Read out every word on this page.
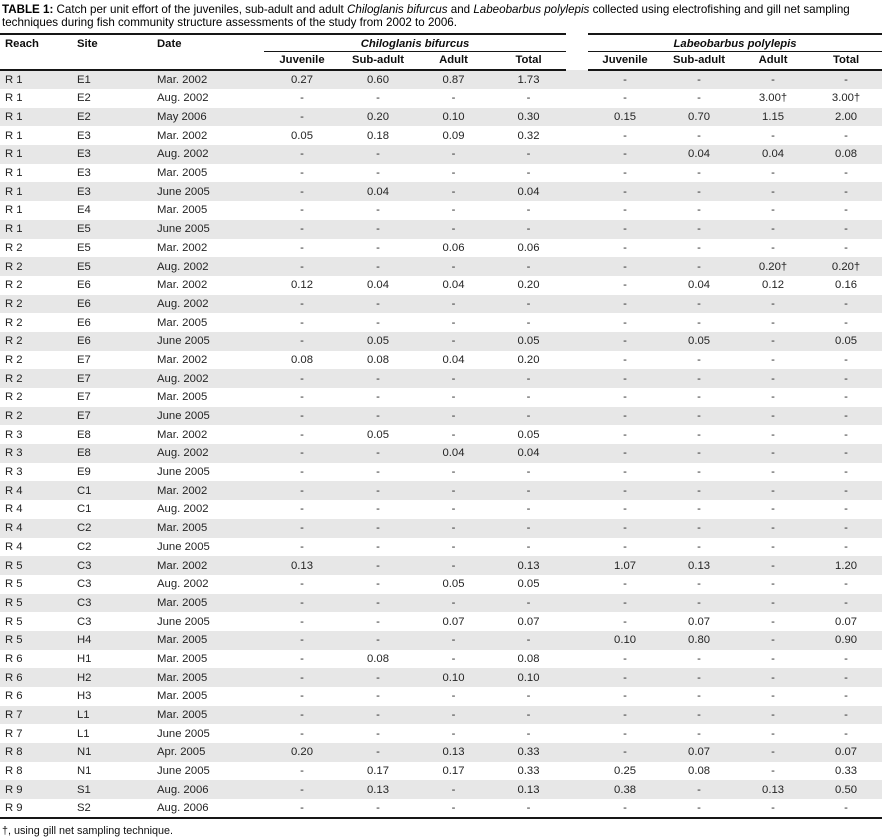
TABLE 1: Catch per unit effort of the juveniles, sub-adult and adult Chiloglanis bifurcus and Labeobarbus polylepis collected using electrofishing and gill net sampling techniques during fish community structure assessments of the study from 2002 to 2006.
Reach	Site	Date	Chiloglanis bifurcus					Labeobarbus polylepis			
			Juvenile	Sub-adult	Adult	Total		Juvenile	Sub-adult	Adult	Total
R 1	E1	Mar. 2002	0.27	0.60	0.87	1.73		-	-	-	-
R 1	E2	Aug. 2002	-	-	-	-		-	-	3.00†	3.00†
R 1	E2	May 2006	-	0.20	0.10	0.30		0.15	0.70	1.15	2.00
R 1	E3	Mar. 2002	0.05	0.18	0.09	0.32		-	-	-	-
R 1	E3	Aug. 2002	-	-	-	-		-	0.04	0.04	0.08
R 1	E3	Mar. 2005	-	-	-	-		-	-	-	-
R 1	E3	June 2005	-	0.04	-	0.04		-	-	-	-
R 1	E4	Mar. 2005	-	-	-	-		-	-	-	-
R 1	E5	June 2005	-	-	-	-		-	-	-	-
R 2	E5	Mar. 2002	-	-	0.06	0.06		-	-	-	-
R 2	E5	Aug. 2002	-	-	-	-		-	-	0.20†	0.20†
R 2	E6	Mar. 2002	0.12	0.04	0.04	0.20		-	0.04	0.12	0.16
R 2	E6	Aug. 2002	-	-	-	-		-	-	-	-
R 2	E6	Mar. 2005	-	-	-	-		-	-	-	-
R 2	E6	June 2005	-	0.05	-	0.05		-	0.05	-	0.05
R 2	E7	Mar. 2002	0.08	0.08	0.04	0.20		-	-	-	-
R 2	E7	Aug. 2002	-	-	-	-		-	-	-	-
R 2	E7	Mar. 2005	-	-	-	-		-	-	-	-
R 2	E7	June 2005	-	-	-	-		-	-	-	-
R 3	E8	Mar. 2002	-	0.05	-	0.05		-	-	-	-
R 3	E8	Aug. 2002	-	-	0.04	0.04		-	-	-	-
R 3	E9	June 2005	-	-	-	-		-	-	-	-
R 4	C1	Mar. 2002	-	-	-	-		-	-	-	-
R 4	C1	Aug. 2002	-	-	-	-		-	-	-	-
R 4	C2	Mar. 2005	-	-	-	-		-	-	-	-
R 4	C2	June 2005	-	-	-	-		-	-	-	-
R 5	C3	Mar. 2002	0.13	-	-	0.13		1.07	0.13	-	1.20
R 5	C3	Aug. 2002	-	-	0.05	0.05		-	-	-	-
R 5	C3	Mar. 2005	-	-	-	-		-	-	-	-
R 5	C3	June 2005	-	-	0.07	0.07		-	0.07	-	0.07
R 5	H4	Mar. 2005	-	-	-	-		0.10	0.80	-	0.90
R 6	H1	Mar. 2005	-	0.08	-	0.08		-	-	-	-
R 6	H2	Mar. 2005	-	-	0.10	0.10		-	-	-	-
R 6	H3	Mar. 2005	-	-	-	-		-	-	-	-
R 7	L1	Mar. 2005	-	-	-	-		-	-	-	-
R 7	L1	June 2005	-	-	-	-		-	-	-	-
R 8	N1	Apr. 2005	0.20	-	0.13	0.33		-	0.07	-	0.07
R 8	N1	June 2005	-	0.17	0.17	0.33		0.25	0.08	-	0.33
R 9	S1	Aug. 2006	-	0.13	-	0.13		0.38	-	0.13	0.50
R 9	S2	Aug. 2006	-	-	-	-		-	-	-	-
†, using gill net sampling technique.
